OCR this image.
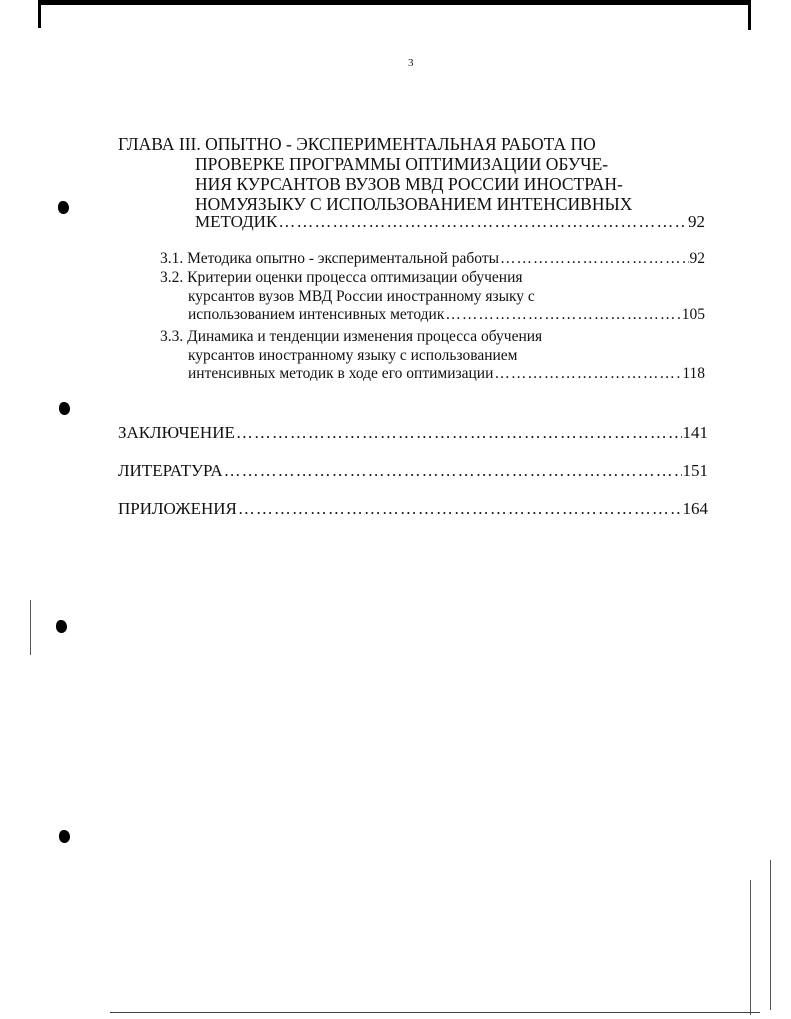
3
ГЛАВА III. ОПЫТНО - ЭКСПЕРИМЕНТАЛЬНАЯ РАБОТА ПО
ПРОВЕРКЕ ПРОГРАММЫ ОПТИМИЗАЦИИ ОБУЧЕ-
НИЯ КУРСАНТОВ ВУЗОВ МВД РОССИИ ИНОСТРАН-
НОМУЯЗЫКУ С ИСПОЛЬЗОВАНИЕМ ИНТЕНСИВНЫХ
МЕТОДИК ……………………………………………………………………………………………………………………………………………………	92
3.1. Методика опытно - экспериментальной работы ……………………………………………………………………………………………………………………………………………………	92
3.2. Критерии оценки процесса оптимизации обучения
курсантов вузов МВД России иностранному языку с
использованием интенсивных методик ……………………………………………………………………………………………………………………………………………………	105
3.3. Динамика и тенденции изменения процесса обучения
курсантов иностранному языку с использованием
интенсивных методик в ходе его оптимизации ……………………………………………………………………………………………………………………………………………………	118
ЗАКЛЮЧЕНИЕ ……………………………………………………………………………………………………………………………………………………	141
ЛИТЕРАТУРА ……………………………………………………………………………………………………………………………………………………	151
ПРИЛОЖЕНИЯ ……………………………………………………………………………………………………………………………………………………	164
